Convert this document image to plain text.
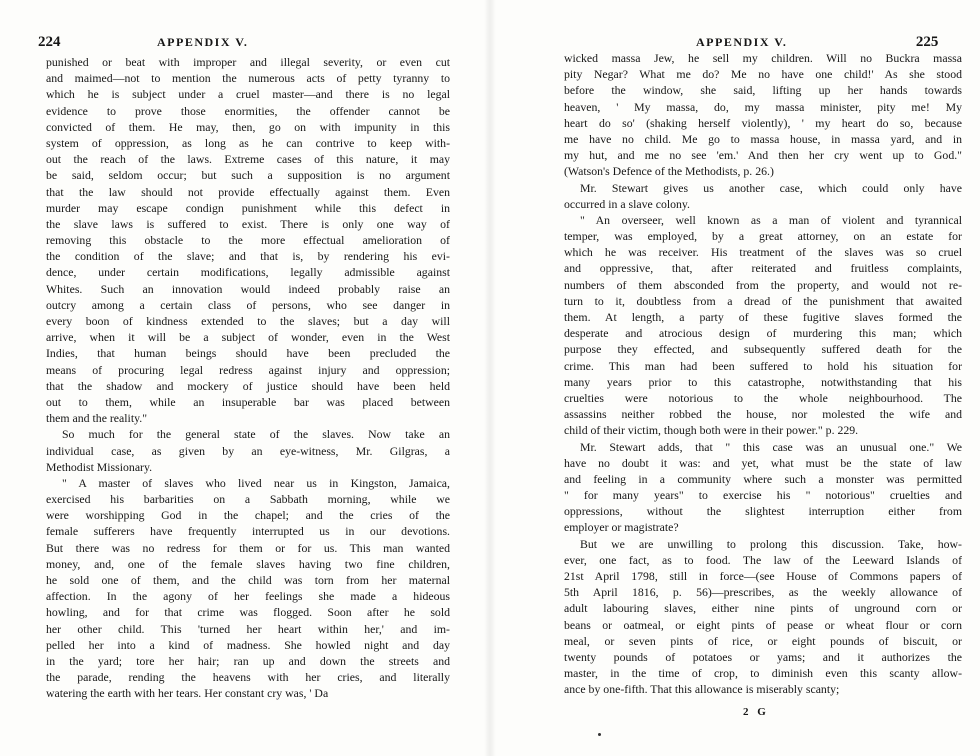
224	APPENDIX V.
punished or beat with improper and illegal severity, or even cut
and maimed—not to mention the numerous acts of petty tyranny to
which he is subject under a cruel master—and there is no legal
evidence to prove those enormities, the offender cannot be
convicted of them. He may, then, go on with impunity in this
system of oppression, as long as he can contrive to keep with-
out the reach of the laws. Extreme cases of this nature, it may
be said, seldom occur; but such a supposition is no argument
that the law should not provide effectually against them. Even
murder may escape condign punishment while this defect in
the slave laws is suffered to exist. There is only one way of
removing this obstacle to the more effectual amelioration of
the condition of the slave; and that is, by rendering his evi-
dence, under certain modifications, legally admissible against
Whites. Such an innovation would indeed probably raise an
outcry among a certain class of persons, who see danger in
every boon of kindness extended to the slaves; but a day will
arrive, when it will be a subject of wonder, even in the West
Indies, that human beings should have been precluded the
means of procuring legal redress against injury and oppression;
that the shadow and mockery of justice should have been held
out to them, while an insuperable bar was placed between
them and the reality."
So much for the general state of the slaves. Now take an
individual case, as given by an eye-witness, Mr. Gilgras, a
Methodist Missionary.
" A master of slaves who lived near us in Kingston, Jamaica,
exercised his barbarities on a Sabbath morning, while we
were worshipping God in the chapel; and the cries of the
female sufferers have frequently interrupted us in our devotions.
But there was no redress for them or for us. This man wanted
money, and, one of the female slaves having two fine children,
he sold one of them, and the child was torn from her maternal
affection. In the agony of her feelings she made a hideous
howling, and for that crime was flogged. Soon after he sold
her other child. This 'turned her heart within her,' and im-
pelled her into a kind of madness. She howled night and day
in the yard; tore her hair; ran up and down the streets and
the parade, rending the heavens with her cries, and literally
watering the earth with her tears. Her constant cry was, ' Da
APPENDIX V.	225
wicked massa Jew, he sell my children. Will no Buckra massa
pity Negar? What me do? Me no have one child!' As she stood
before the window, she said, lifting up her hands towards
heaven, ' My massa, do, my massa minister, pity me! My
heart do so' (shaking herself violently), ' my heart do so, because
me have no child. Me go to massa house, in massa yard, and in
my hut, and me no see 'em.' And then her cry went up to God."
(Watson's Defence of the Methodists, p. 26.)
Mr. Stewart gives us another case, which could only have
occurred in a slave colony.
" An overseer, well known as a man of violent and tyrannical
temper, was employed, by a great attorney, on an estate for
which he was receiver. His treatment of the slaves was so cruel
and oppressive, that, after reiterated and fruitless complaints,
numbers of them absconded from the property, and would not re-
turn to it, doubtless from a dread of the punishment that awaited
them. At length, a party of these fugitive slaves formed the
desperate and atrocious design of murdering this man; which
purpose they effected, and subsequently suffered death for the
crime. This man had been suffered to hold his situation for
many years prior to this catastrophe, notwithstanding that his
cruelties were notorious to the whole neighbourhood. The
assassins neither robbed the house, nor molested the wife and
child of their victim, though both were in their power." p. 229.
Mr. Stewart adds, that " this case was an unusual one." We
have no doubt it was: and yet, what must be the state of law
and feeling in a community where such a monster was permitted
" for many years" to exercise his " notorious" cruelties and
oppressions, without the slightest interruption either from
employer or magistrate?
But we are unwilling to prolong this discussion. Take, how-
ever, one fact, as to food. The law of the Leeward Islands of
21st April 1798, still in force—(see House of Commons papers of
5th April 1816, p. 56)—prescribes, as the weekly allowance of
adult labouring slaves, either nine pints of unground corn or
beans or oatmeal, or eight pints of pease or wheat flour or corn
meal, or seven pints of rice, or eight pounds of biscuit, or
twenty pounds of potatoes or yams; and it authorizes the
master, in the time of crop, to diminish even this scanty allow-
ance by one-fifth. That this allowance is miserably scanty;
2 G
